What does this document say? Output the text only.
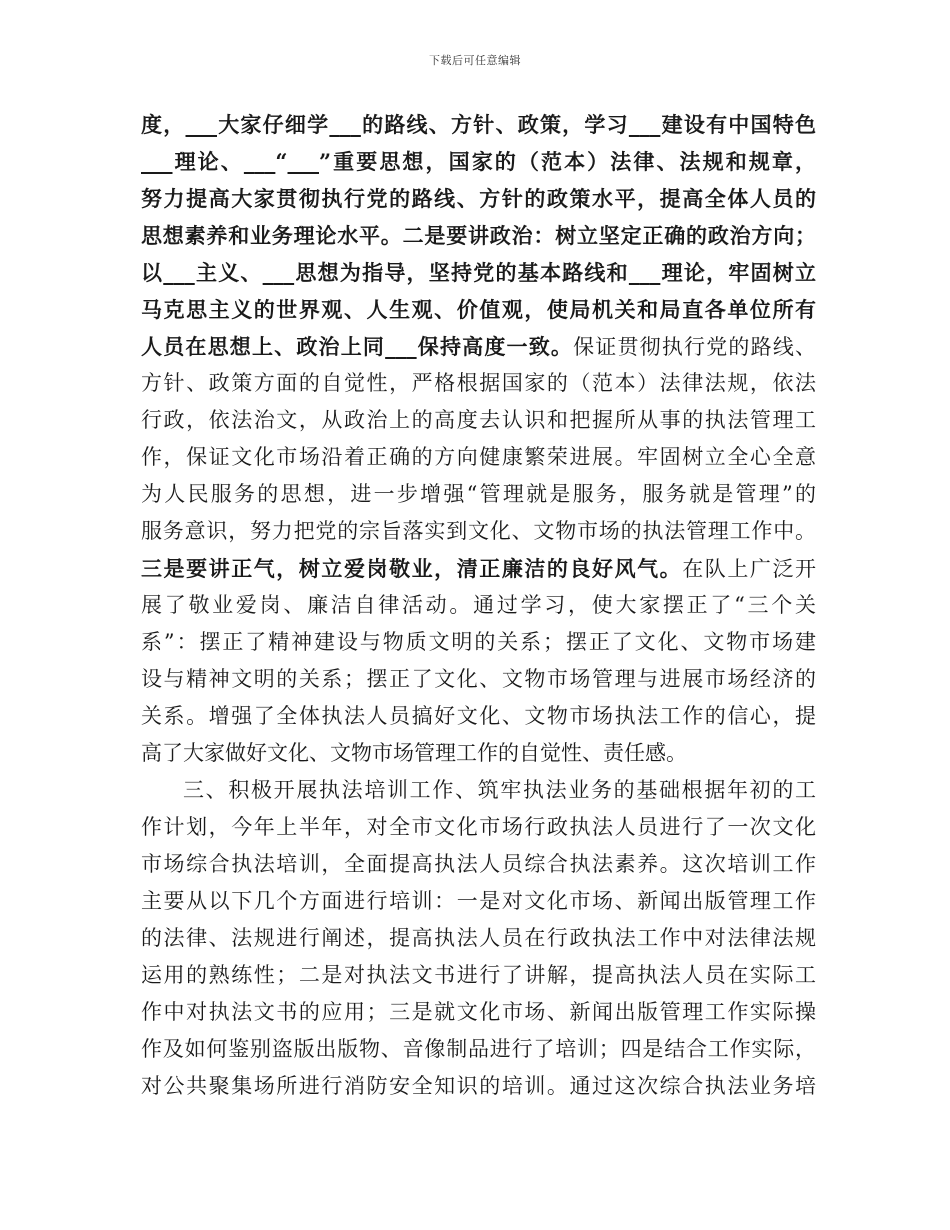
下载后可任意编辑
度，___大家仔细学___的路线、方针、政策，学习___建设有中国特色
___理论、___“___”重要思想，国家的（范本）法律、法规和规章，
努力提高大家贯彻执行党的路线、方针的政策水平，提高全体人员的
思想素养和业务理论水平。二是要讲政治：树立坚定正确的政治方向；
以___主义、___思想为指导，坚持党的基本路线和___理论，牢固树立
马克思主义的世界观、人生观、价值观，使局机关和局直各单位所有
人员在思想上、政治上同___保持高度一致。保证贯彻执行党的路线、
方针、政策方面的自觉性，严格根据国家的（范本）法律法规，依法
行政，依法治文，从政治上的高度去认识和把握所从事的执法管理工
作，保证文化市场沿着正确的方向健康繁荣进展。牢固树立全心全意
为人民服务的思想，进一步增强“管理就是服务，服务就是管理”的
服务意识，努力把党的宗旨落实到文化、文物市场的执法管理工作中。
三是要讲正气，树立爱岗敬业，清正廉洁的良好风气。在队上广泛开
展了敬业爱岗、廉洁自律活动。通过学习，使大家摆正了“三个关
系”：摆正了精神建设与物质文明的关系；摆正了文化、文物市场建
设与精神文明的关系；摆正了文化、文物市场管理与进展市场经济的
关系。增强了全体执法人员搞好文化、文物市场执法工作的信心，提
高了大家做好文化、文物市场管理工作的自觉性、责任感。
三、积极开展执法培训工作、筑牢执法业务的基础根据年初的工
作计划，今年上半年，对全市文化市场行政执法人员进行了一次文化
市场综合执法培训，全面提高执法人员综合执法素养。这次培训工作
主要从以下几个方面进行培训：一是对文化市场、新闻出版管理工作
的法律、法规进行阐述，提高执法人员在行政执法工作中对法律法规
运用的熟练性；二是对执法文书进行了讲解，提高执法人员在实际工
作中对执法文书的应用；三是就文化市场、新闻出版管理工作实际操
作及如何鉴别盗版出版物、音像制品进行了培训；四是结合工作实际，
对公共聚集场所进行消防安全知识的培训。通过这次综合执法业务培
